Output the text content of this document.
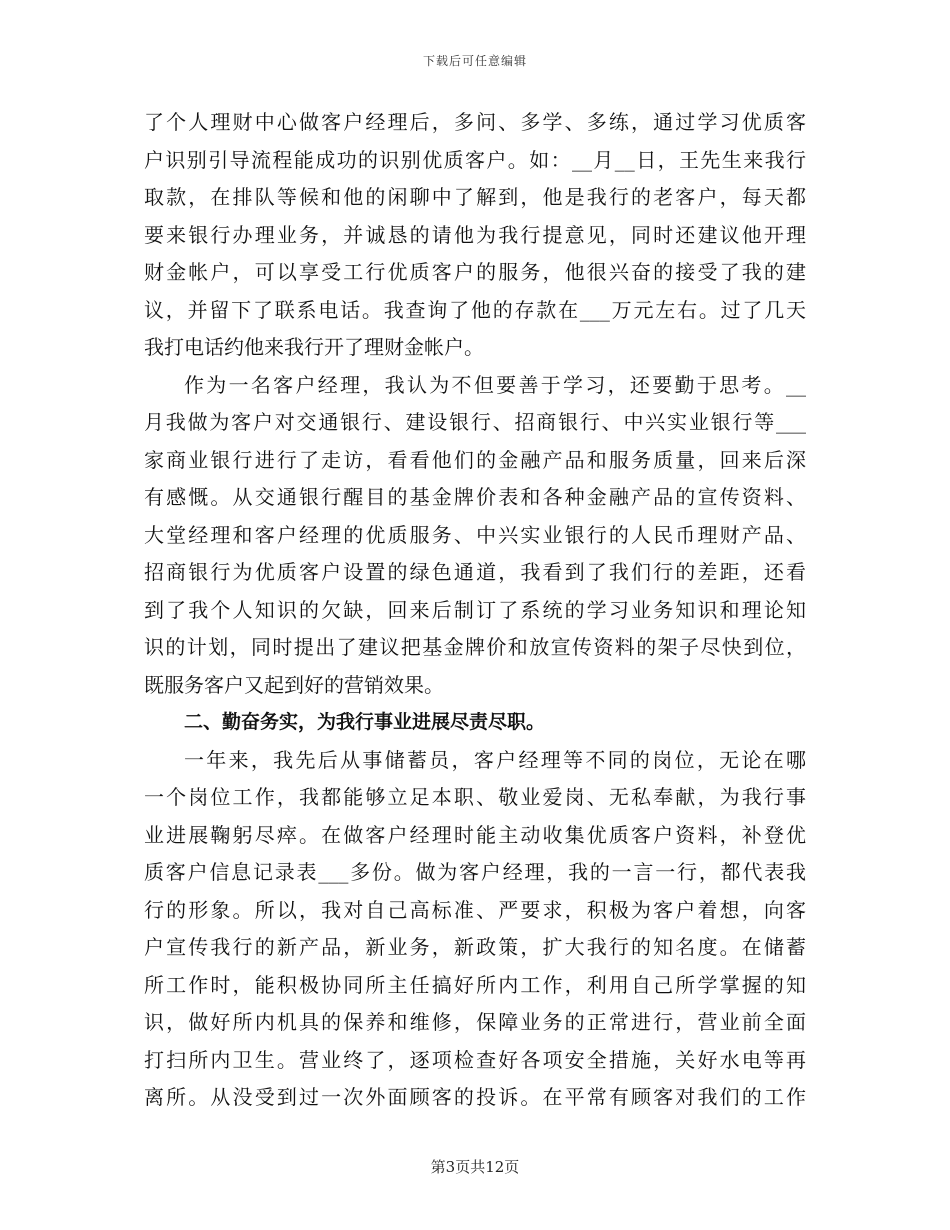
下载后可任意编辑
了个人理财中心做客户经理后，多问、多学、多练，通过学习优质客
户识别引导流程能成功的识别优质客户。如：__月__日，王先生来我行
取款，在排队等候和他的闲聊中了解到，他是我行的老客户，每天都
要来银行办理业务，并诚恳的请他为我行提意见，同时还建议他开理
财金帐户，可以享受工行优质客户的服务，他很兴奋的接受了我的建
议，并留下了联系电话。我查询了他的存款在___万元左右。过了几天
我打电话约他来我行开了理财金帐户。
作为一名客户经理，我认为不但要善于学习，还要勤于思考。__
月我做为客户对交通银行、建设银行、招商银行、中兴实业银行等___
家商业银行进行了走访，看看他们的金融产品和服务质量，回来后深
有感慨。从交通银行醒目的基金牌价表和各种金融产品的宣传资料、
大堂经理和客户经理的优质服务、中兴实业银行的人民币理财产品、
招商银行为优质客户设置的绿色通道，我看到了我们行的差距，还看
到了我个人知识的欠缺，回来后制订了系统的学习业务知识和理论知
识的计划，同时提出了建议把基金牌价和放宣传资料的架子尽快到位，
既服务客户又起到好的营销效果。
二、勤奋务实，为我行事业进展尽责尽职。
一年来，我先后从事储蓄员，客户经理等不同的岗位，无论在哪
一个岗位工作，我都能够立足本职、敬业爱岗、无私奉献，为我行事
业进展鞠躬尽瘁。在做客户经理时能主动收集优质客户资料，补登优
质客户信息记录表___多份。做为客户经理，我的一言一行，都代表我
行的形象。所以，我对自己高标准、严要求，积极为客户着想，向客
户宣传我行的新产品，新业务，新政策，扩大我行的知名度。在储蓄
所工作时，能积极协同所主任搞好所内工作，利用自己所学掌握的知
识，做好所内机具的保养和维修，保障业务的正常进行，营业前全面
打扫所内卫生。营业终了，逐项检查好各项安全措施，关好水电等再
离所。从没受到过一次外面顾客的投诉。在平常有顾客对我们的工作
第3页共12页
